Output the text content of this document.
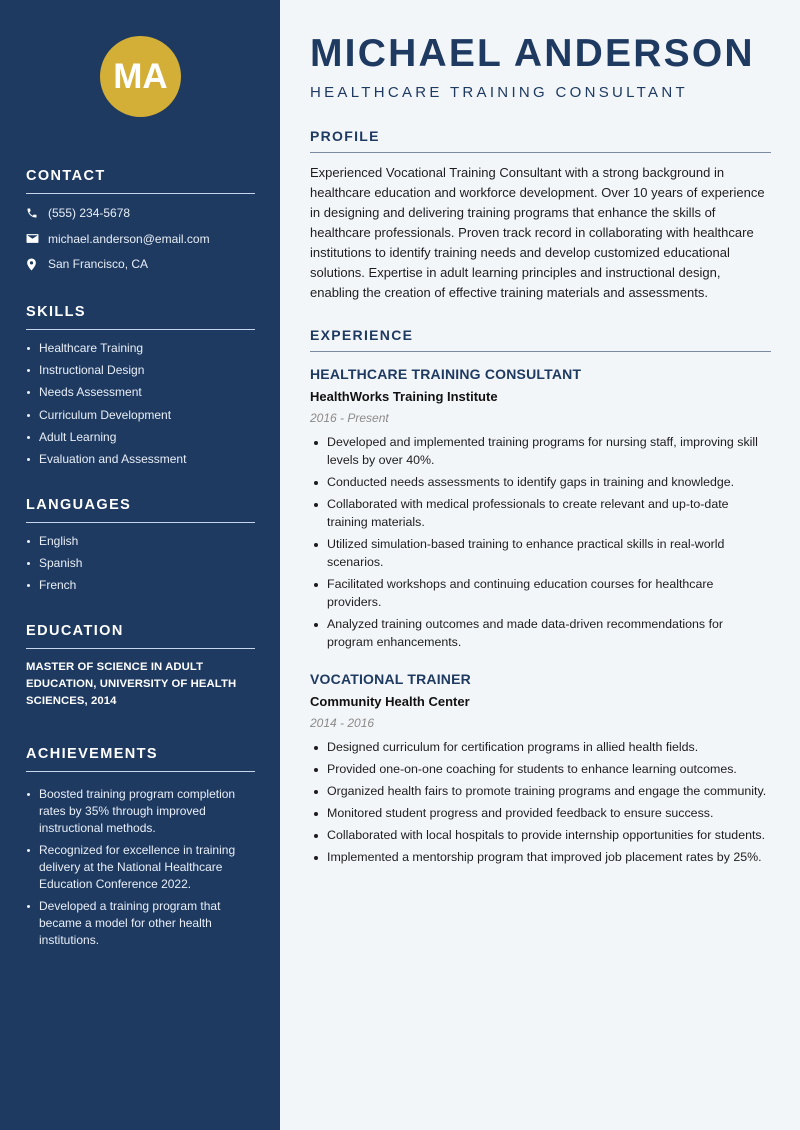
MA
CONTACT
(555) 234-5678
michael.anderson@email.com
San Francisco, CA
SKILLS
Healthcare Training
Instructional Design
Needs Assessment
Curriculum Development
Adult Learning
Evaluation and Assessment
LANGUAGES
English
Spanish
French
EDUCATION

MASTER OF SCIENCE IN ADULT EDUCATION, UNIVERSITY OF HEALTH SCIENCES, 2014

ACHIEVEMENTS
Boosted training program completion rates by 35% through improved instructional methods.
Recognized for excellence in training delivery at the National Healthcare Education Conference 2022.
Developed a training program that became a model for other health institutions.
MICHAEL ANDERSON
HEALTHCARE TRAINING CONSULTANT
PROFILE

Experienced Vocational Training Consultant with a strong background in healthcare education and workforce development. Over 10 years of experience in designing and delivering training programs that enhance the skills of healthcare professionals. Proven track record in collaborating with healthcare institutions to identify training needs and develop customized educational solutions. Expertise in adult learning principles and instructional design, enabling the creation of effective training materials and assessments.

EXPERIENCE
HEALTHCARE TRAINING CONSULTANT
HealthWorks Training Institute
2016 - Present
Developed and implemented training programs for nursing staff, improving skill levels by over 40%.
Conducted needs assessments to identify gaps in training and knowledge.
Collaborated with medical professionals to create relevant and up-to-date training materials.
Utilized simulation-based training to enhance practical skills in real-world scenarios.
Facilitated workshops and continuing education courses for healthcare providers.
Analyzed training outcomes and made data-driven recommendations for program enhancements.
VOCATIONAL TRAINER
Community Health Center
2014 - 2016
Designed curriculum for certification programs in allied health fields.
Provided one-on-one coaching for students to enhance learning outcomes.
Organized health fairs to promote training programs and engage the community.
Monitored student progress and provided feedback to ensure success.
Collaborated with local hospitals to provide internship opportunities for students.
Implemented a mentorship program that improved job placement rates by 25%.
